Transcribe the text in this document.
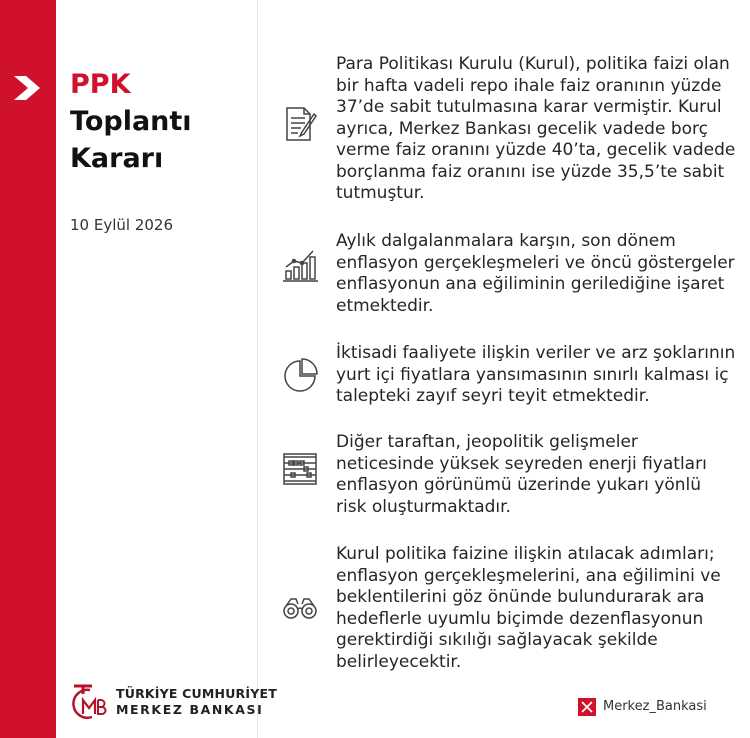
PPK
Toplantı
Kararı
10 Eylül 2026
Para Politikası Kurulu (Kurul), politika faizi olan bir hafta vadeli repo ihale faiz oranının yüzde 37’de sabit tutulmasına karar vermiştir. Kurul ayrıca, Merkez Bankası gecelik vadede borç verme faiz oranını yüzde 40’ta, gecelik vadede borçlanma faiz oranını ise yüzde 35,5’te sabit tutmuştur.
Aylık dalgalanmalara karşın, son dönem enflasyon gerçekleşmeleri ve öncü göstergeler enflasyonun ana eğiliminin gerilediğine işaret etmektedir.
İktisadi faaliyete ilişkin veriler ve arz şoklarının yurt içi fiyatlara yansımasının sınırlı kalması iç talepteki zayıf seyri teyit etmektedir.
Diğer taraftan, jeopolitik gelişmeler neticesinde yüksek seyreden enerji fiyatları enflasyon görünümü üzerinde yukarı yönlü risk oluşturmaktadır.
Kurul politika faizine ilişkin atılacak adımları; enflasyon gerçekleşmelerini, ana eğilimini ve beklentilerini göz önünde bulundurarak ara hedeflerle uyumlu biçimde dezenflasyonun gerektirdiği sıkılığı sağlayacak şekilde belirleyecektir.
TÜRKİYE CUMHURİYET
MERKEZ BANKASI	Merkez_Bankasi
